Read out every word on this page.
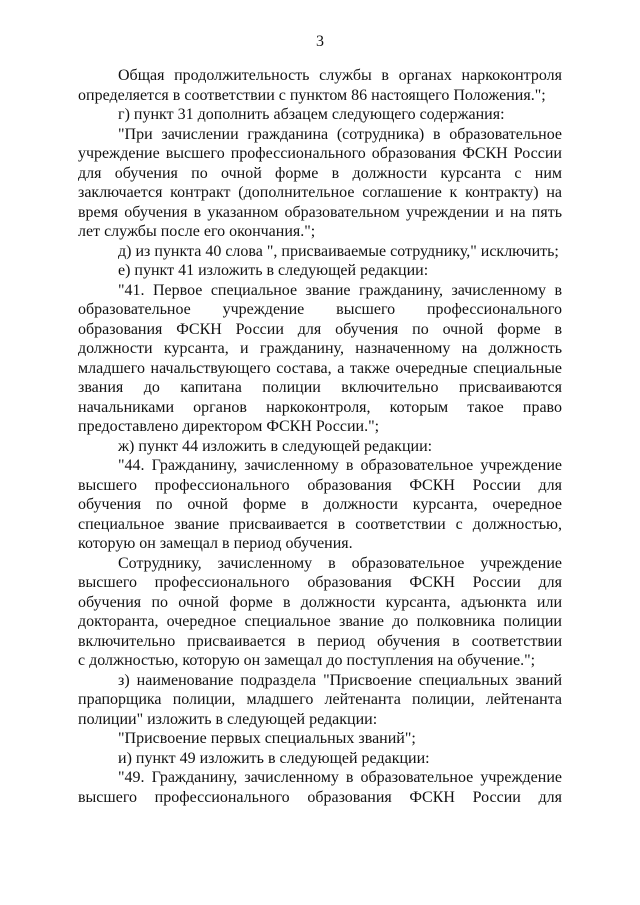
3
Общая продолжительность службы в органах наркоконтроля
определяется в соответствии с пунктом 86 настоящего Положения.";
г) пункт 31 дополнить абзацем следующего содержания:
"При зачислении гражданина (сотрудника) в образовательное
учреждение высшего профессионального образования ФСКН России
для обучения по очной форме в должности курсанта с ним
заключается контракт (дополнительное соглашение к контракту) на
время обучения в указанном образовательном учреждении и на пять
лет службы после его окончания.";
д) из пункта 40 слова ", присваиваемые сотруднику," исключить;
е) пункт 41 изложить в следующей редакции:
"41. Первое специальное звание гражданину, зачисленному в
образовательное учреждение высшего профессионального
образования ФСКН России для обучения по очной форме в
должности курсанта, и гражданину, назначенному на должность
младшего начальствующего состава, а также очередные специальные
звания до капитана полиции включительно присваиваются
начальниками органов наркоконтроля, которым такое право
предоставлено директором ФСКН России.";
ж) пункт 44 изложить в следующей редакции:
"44. Гражданину, зачисленному в образовательное учреждение
высшего профессионального образования ФСКН России для
обучения по очной форме в должности курсанта, очередное
специальное звание присваивается в соответствии с должностью,
которую он замещал в период обучения.
Сотруднику, зачисленному в образовательное учреждение
высшего профессионального образования ФСКН России для
обучения по очной форме в должности курсанта, адъюнкта или
докторанта, очередное специальное звание до полковника полиции
включительно присваивается в период обучения в соответствии
с должностью, которую он замещал до поступления на обучение.";
з) наименование подраздела "Присвоение специальных званий
прапорщика полиции, младшего лейтенанта полиции, лейтенанта
полиции" изложить в следующей редакции:
"Присвоение первых специальных званий";
и) пункт 49 изложить в следующей редакции:
"49. Гражданину, зачисленному в образовательное учреждение
высшего профессионального образования ФСКН России для
